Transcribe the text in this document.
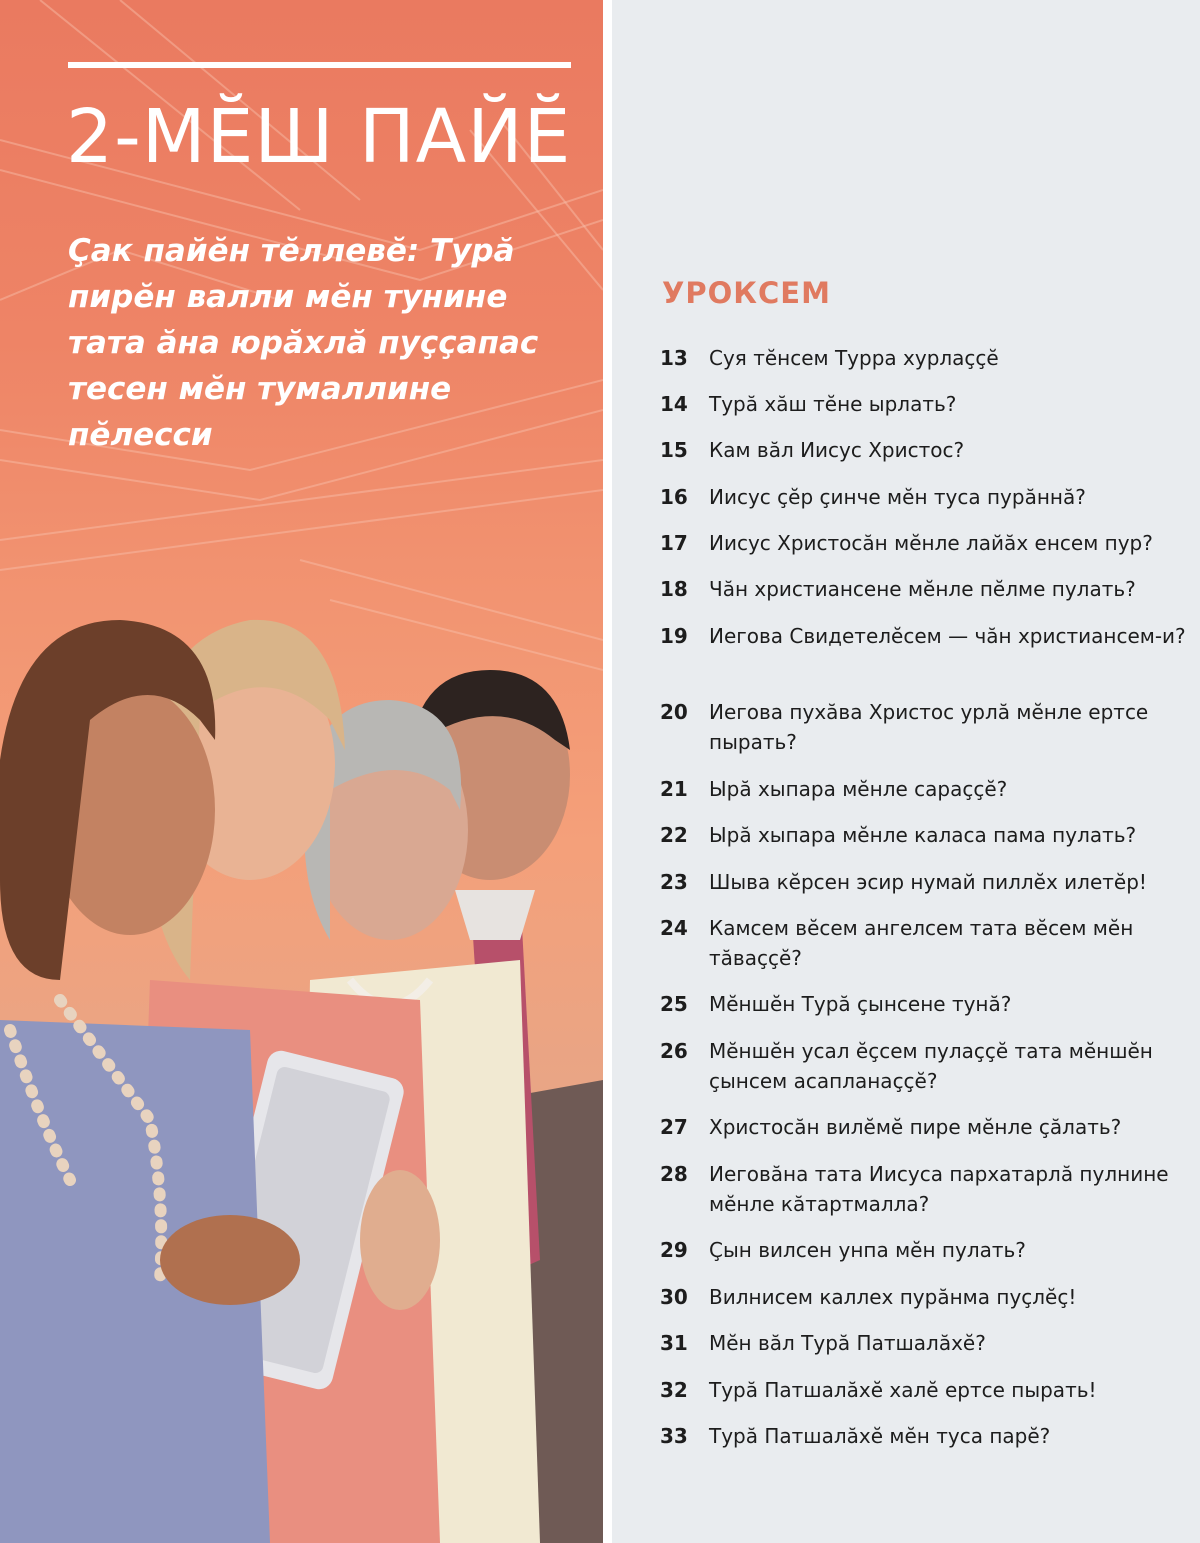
2-МĔШ ПАЙĔ
Çак пайĕн тĕллевĕ: Турă пирĕн валли мĕн тунине тата ăна юрăхлă пуççапас тесен мĕн тумаллине пĕлесси
УРОКСЕМ
13	Суя тĕнсем Турра хурлаççĕ
14	Турă хăш тĕне ырлать?
15	Кам вăл Иисус Христос?
16	Иисус çĕр çинче мĕн туса пурăннă?
17	Иисус Христосăн мĕнле лайăх енсем пур?
18	Чăн христиансене мĕнле пĕлме пулать?
19	Иегова Свидетелĕсем — чăн христиансем-и?
20	Иегова пухăва Христос урлă мĕнле ертсе пырать?
21	Ырă хыпара мĕнле сараççĕ?
22	Ырă хыпара мĕнле каласа пама пулать?
23	Шыва кĕрсен эсир нумай пиллĕх илетĕр!
24	Камсем вĕсем ангелсем тата вĕсем мĕн тăваççĕ?
25	Мĕншĕн Турă çынсене тунă?
26	Мĕншĕн усал ĕçсем пулаççĕ тата мĕншĕн çынсем асапланаççĕ?
27	Христосăн вилĕмĕ пире мĕнле çăлать?
28	Иеговăна тата Иисуса пархатарлă пулнине мĕнле кăтартмалла?
29	Çын вилсен унпа мĕн пулать?
30	Вилнисем каллех пурăнма пуçлĕç!
31	Мĕн вăл Турă Патшалăхĕ?
32	Турă Патшалăхĕ халĕ ертсе пырать!
33	Турă Патшалăхĕ мĕн туса парĕ?
